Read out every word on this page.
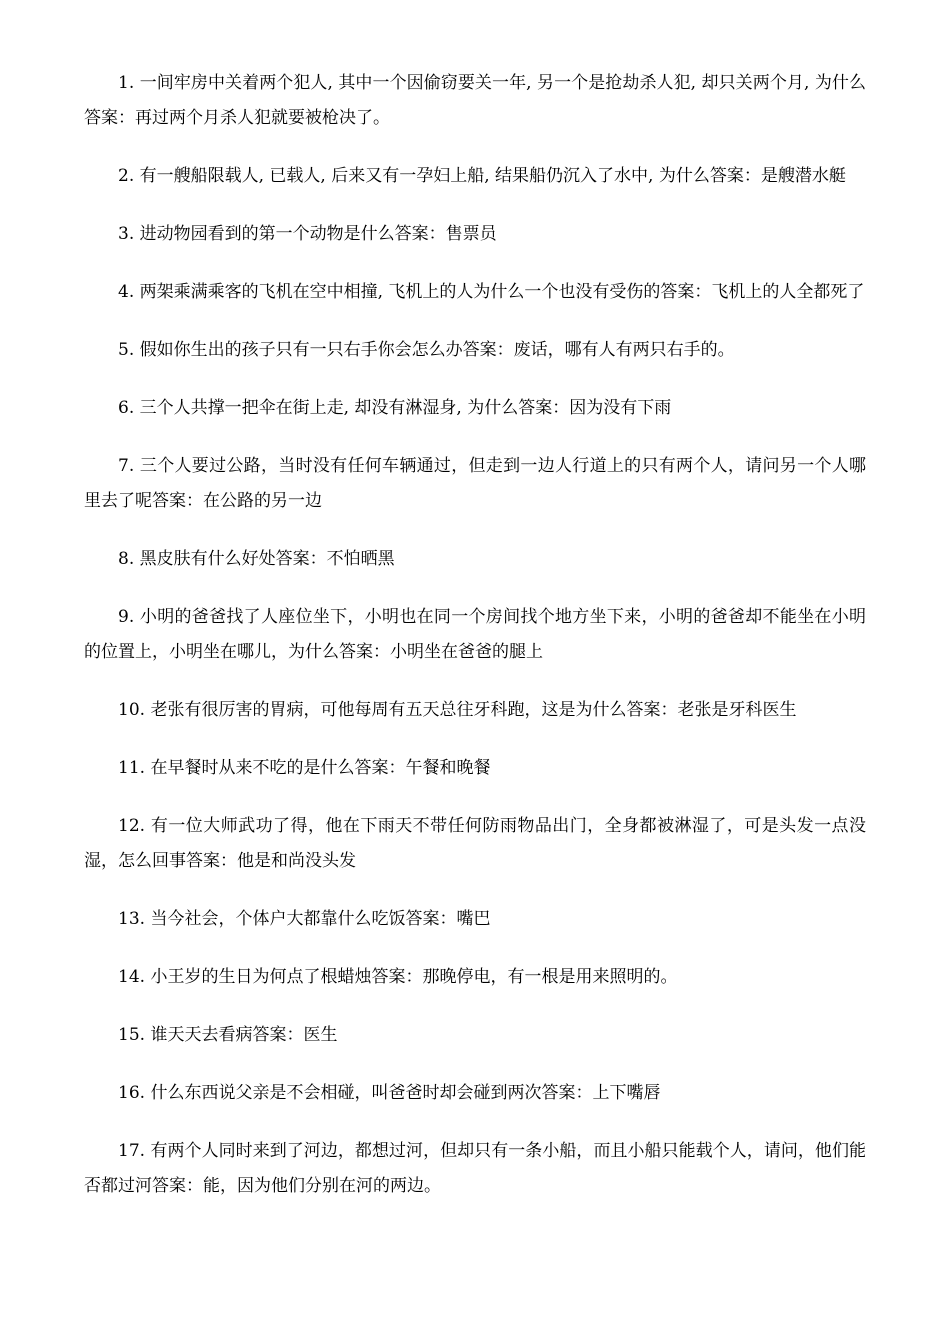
1. 一间牢房中关着两个犯人, 其中一个因偷窃要关一年, 另一个是抢劫杀人犯, 却只关两个月, 为什么答案：再过两个月杀人犯就要被枪决了。

2. 有一艘船限载人, 已载人, 后来又有一孕妇上船, 结果船仍沉入了水中, 为什么答案：是艘潜水艇

3. 进动物园看到的第一个动物是什么答案：售票员

4. 两架乘满乘客的飞机在空中相撞, 飞机上的人为什么一个也没有受伤的答案：飞机上的人全都死了

5. 假如你生出的孩子只有一只右手你会怎么办答案：废话，哪有人有两只右手的。

6. 三个人共撑一把伞在街上走, 却没有淋湿身, 为什么答案：因为没有下雨

7. 三个人要过公路，当时没有任何车辆通过，但走到一边人行道上的只有两个人，请问另一个人哪里去了呢答案：在公路的另一边

8. 黑皮肤有什么好处答案：不怕晒黑

9. 小明的爸爸找了人座位坐下，小明也在同一个房间找个地方坐下来，小明的爸爸却不能坐在小明的位置上，小明坐在哪儿，为什么答案：小明坐在爸爸的腿上

10. 老张有很厉害的胃病，可他每周有五天总往牙科跑，这是为什么答案：老张是牙科医生

11. 在早餐时从来不吃的是什么答案：午餐和晚餐

12. 有一位大师武功了得，他在下雨天不带任何防雨物品出门，全身都被淋湿了，可是头发一点没湿，怎么回事答案：他是和尚没头发

13. 当今社会，个体户大都靠什么吃饭答案：嘴巴

14. 小王岁的生日为何点了根蜡烛答案：那晚停电，有一根是用来照明的。

15. 谁天天去看病答案：医生

16. 什么东西说父亲是不会相碰，叫爸爸时却会碰到两次答案：上下嘴唇

17. 有两个人同时来到了河边，都想过河，但却只有一条小船，而且小船只能载个人，请问，他们能否都过河答案：能，因为他们分别在河的两边。
